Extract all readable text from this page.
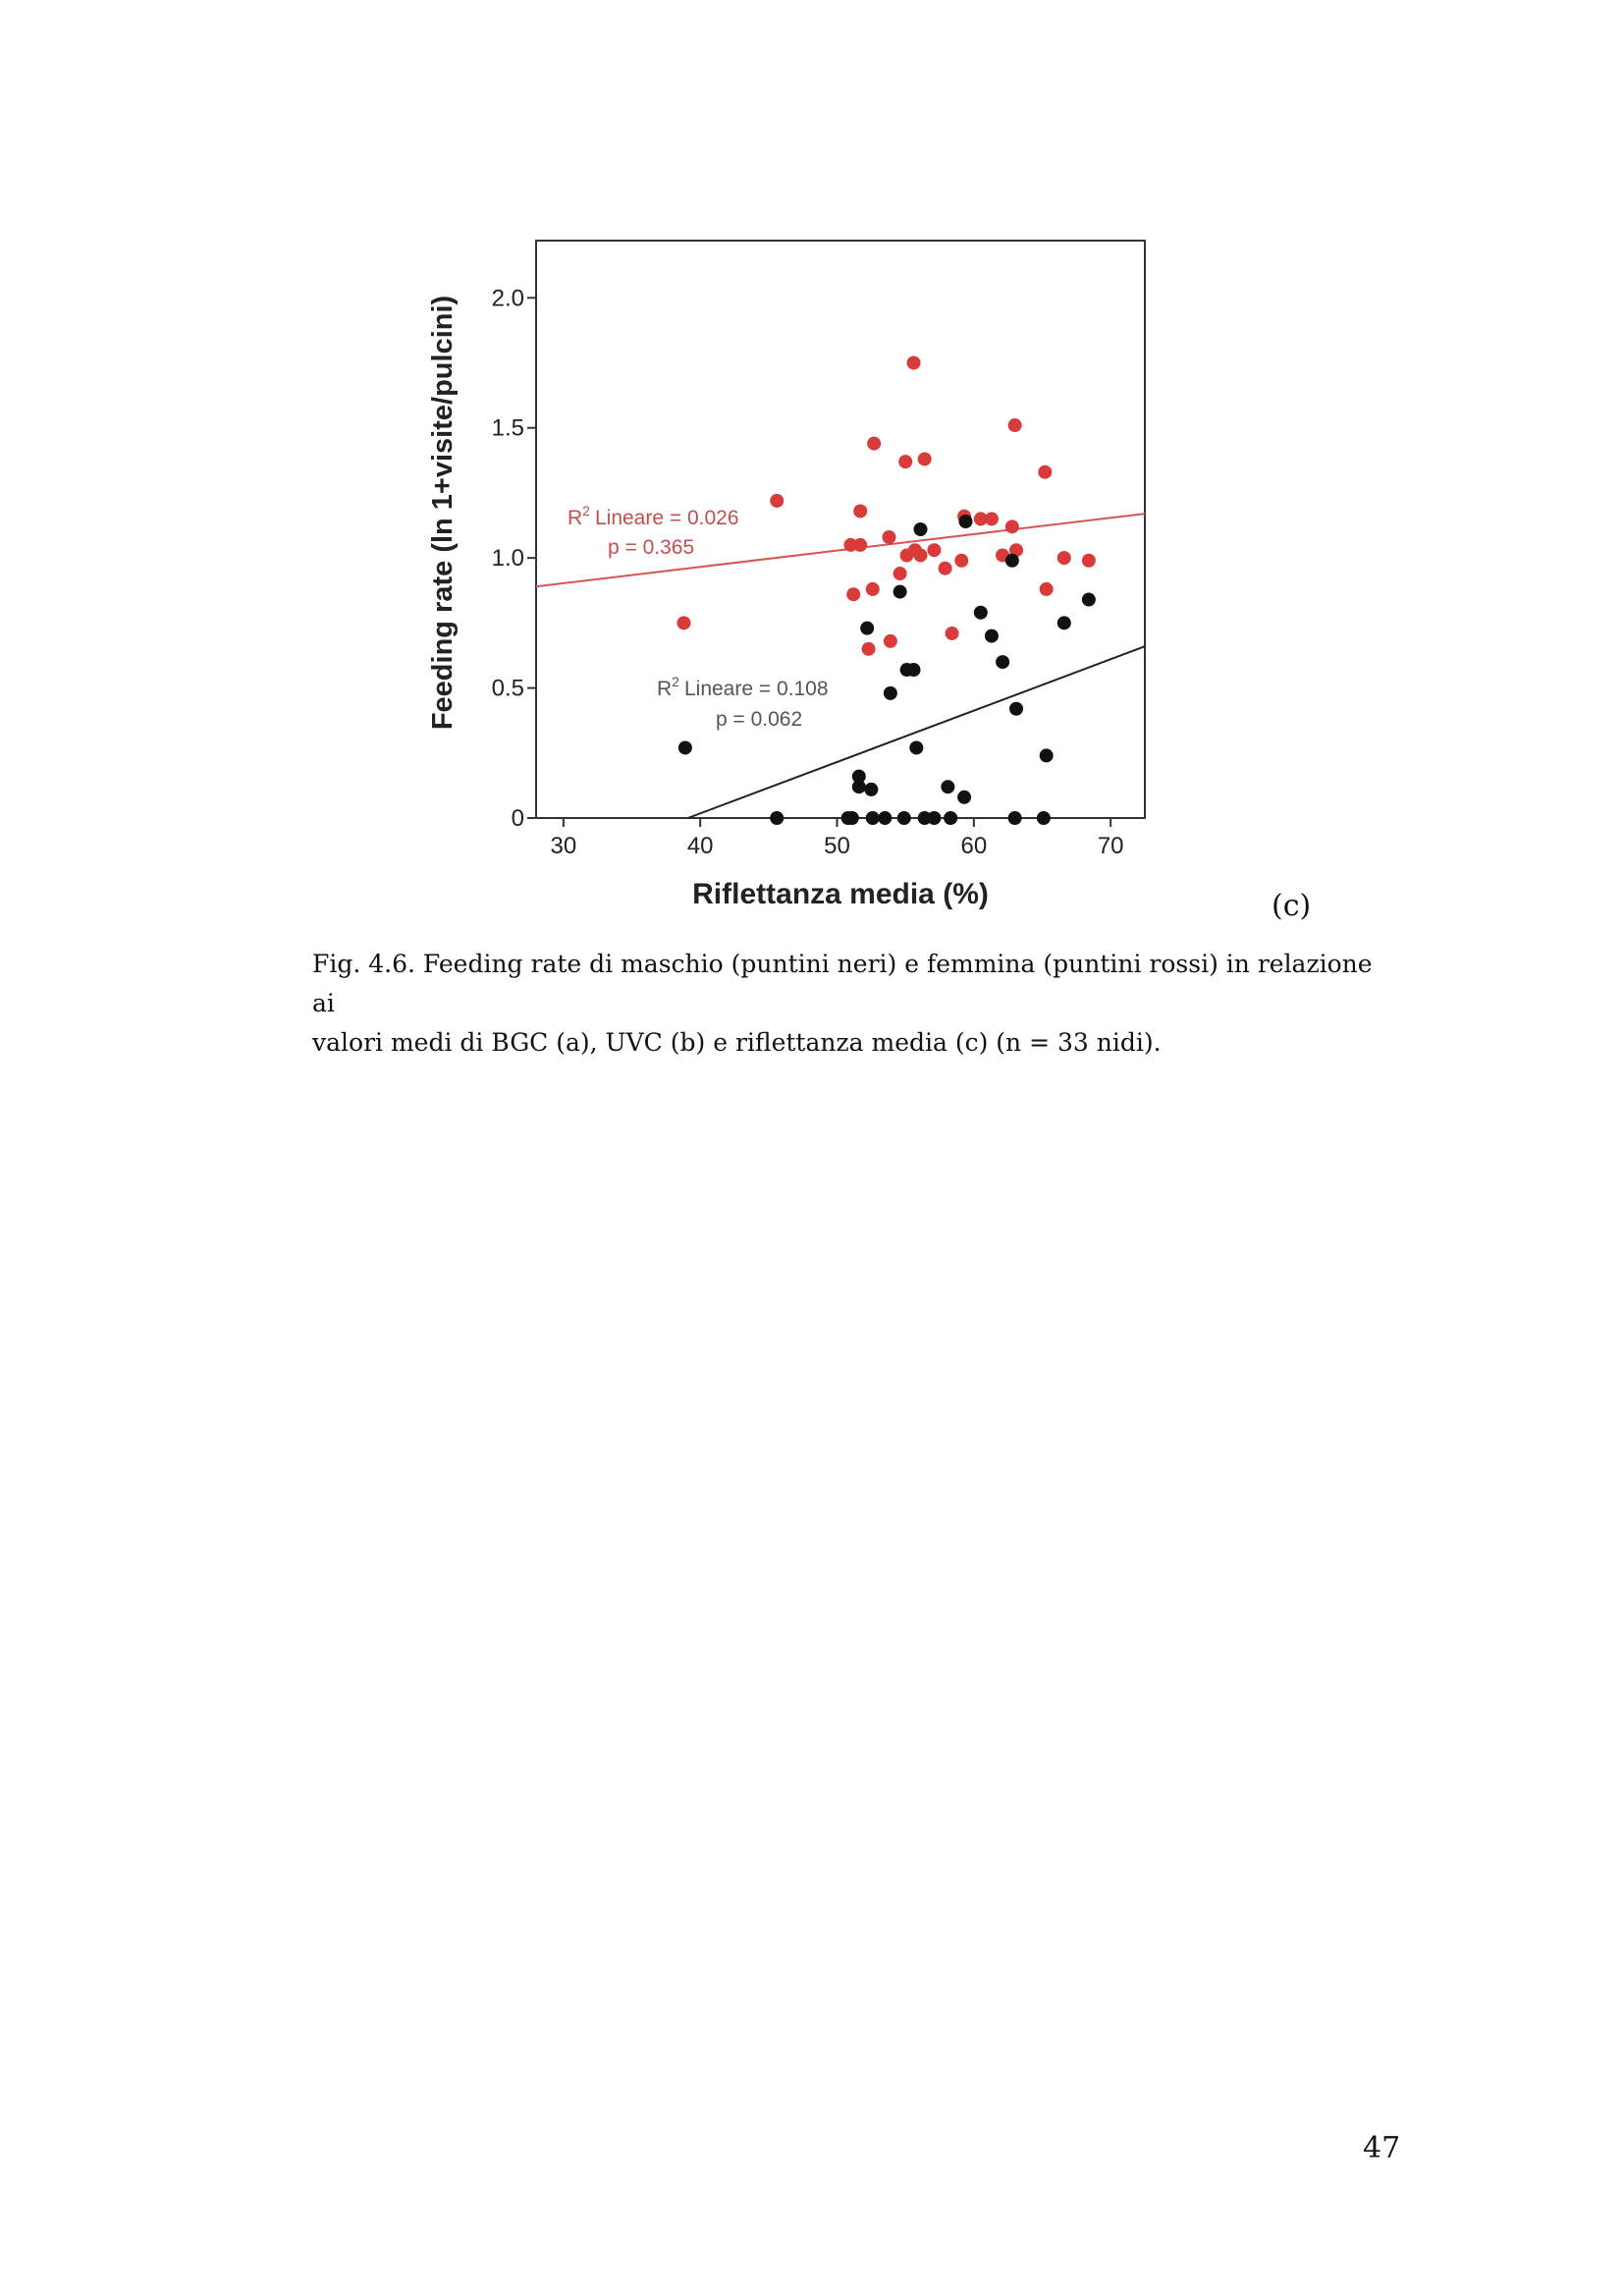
30	40	50	60	70
0
0.5
1.0
1.5
2.0
Riflettanza media (%)
Feeding rate (ln 1+visite/pulcini)	$R^2$ Lineare = 0.026
p = 0.365
$R^2$ Lineare = 0.108
p = 0.062
(c)

Fig. 4.6. Feeding rate di maschio (puntini neri) e femmina (puntini rossi) in relazione ai

valori medi di BGC (a), UVC (b) e riflettanza media (c) (n = 33 nidi).

47
